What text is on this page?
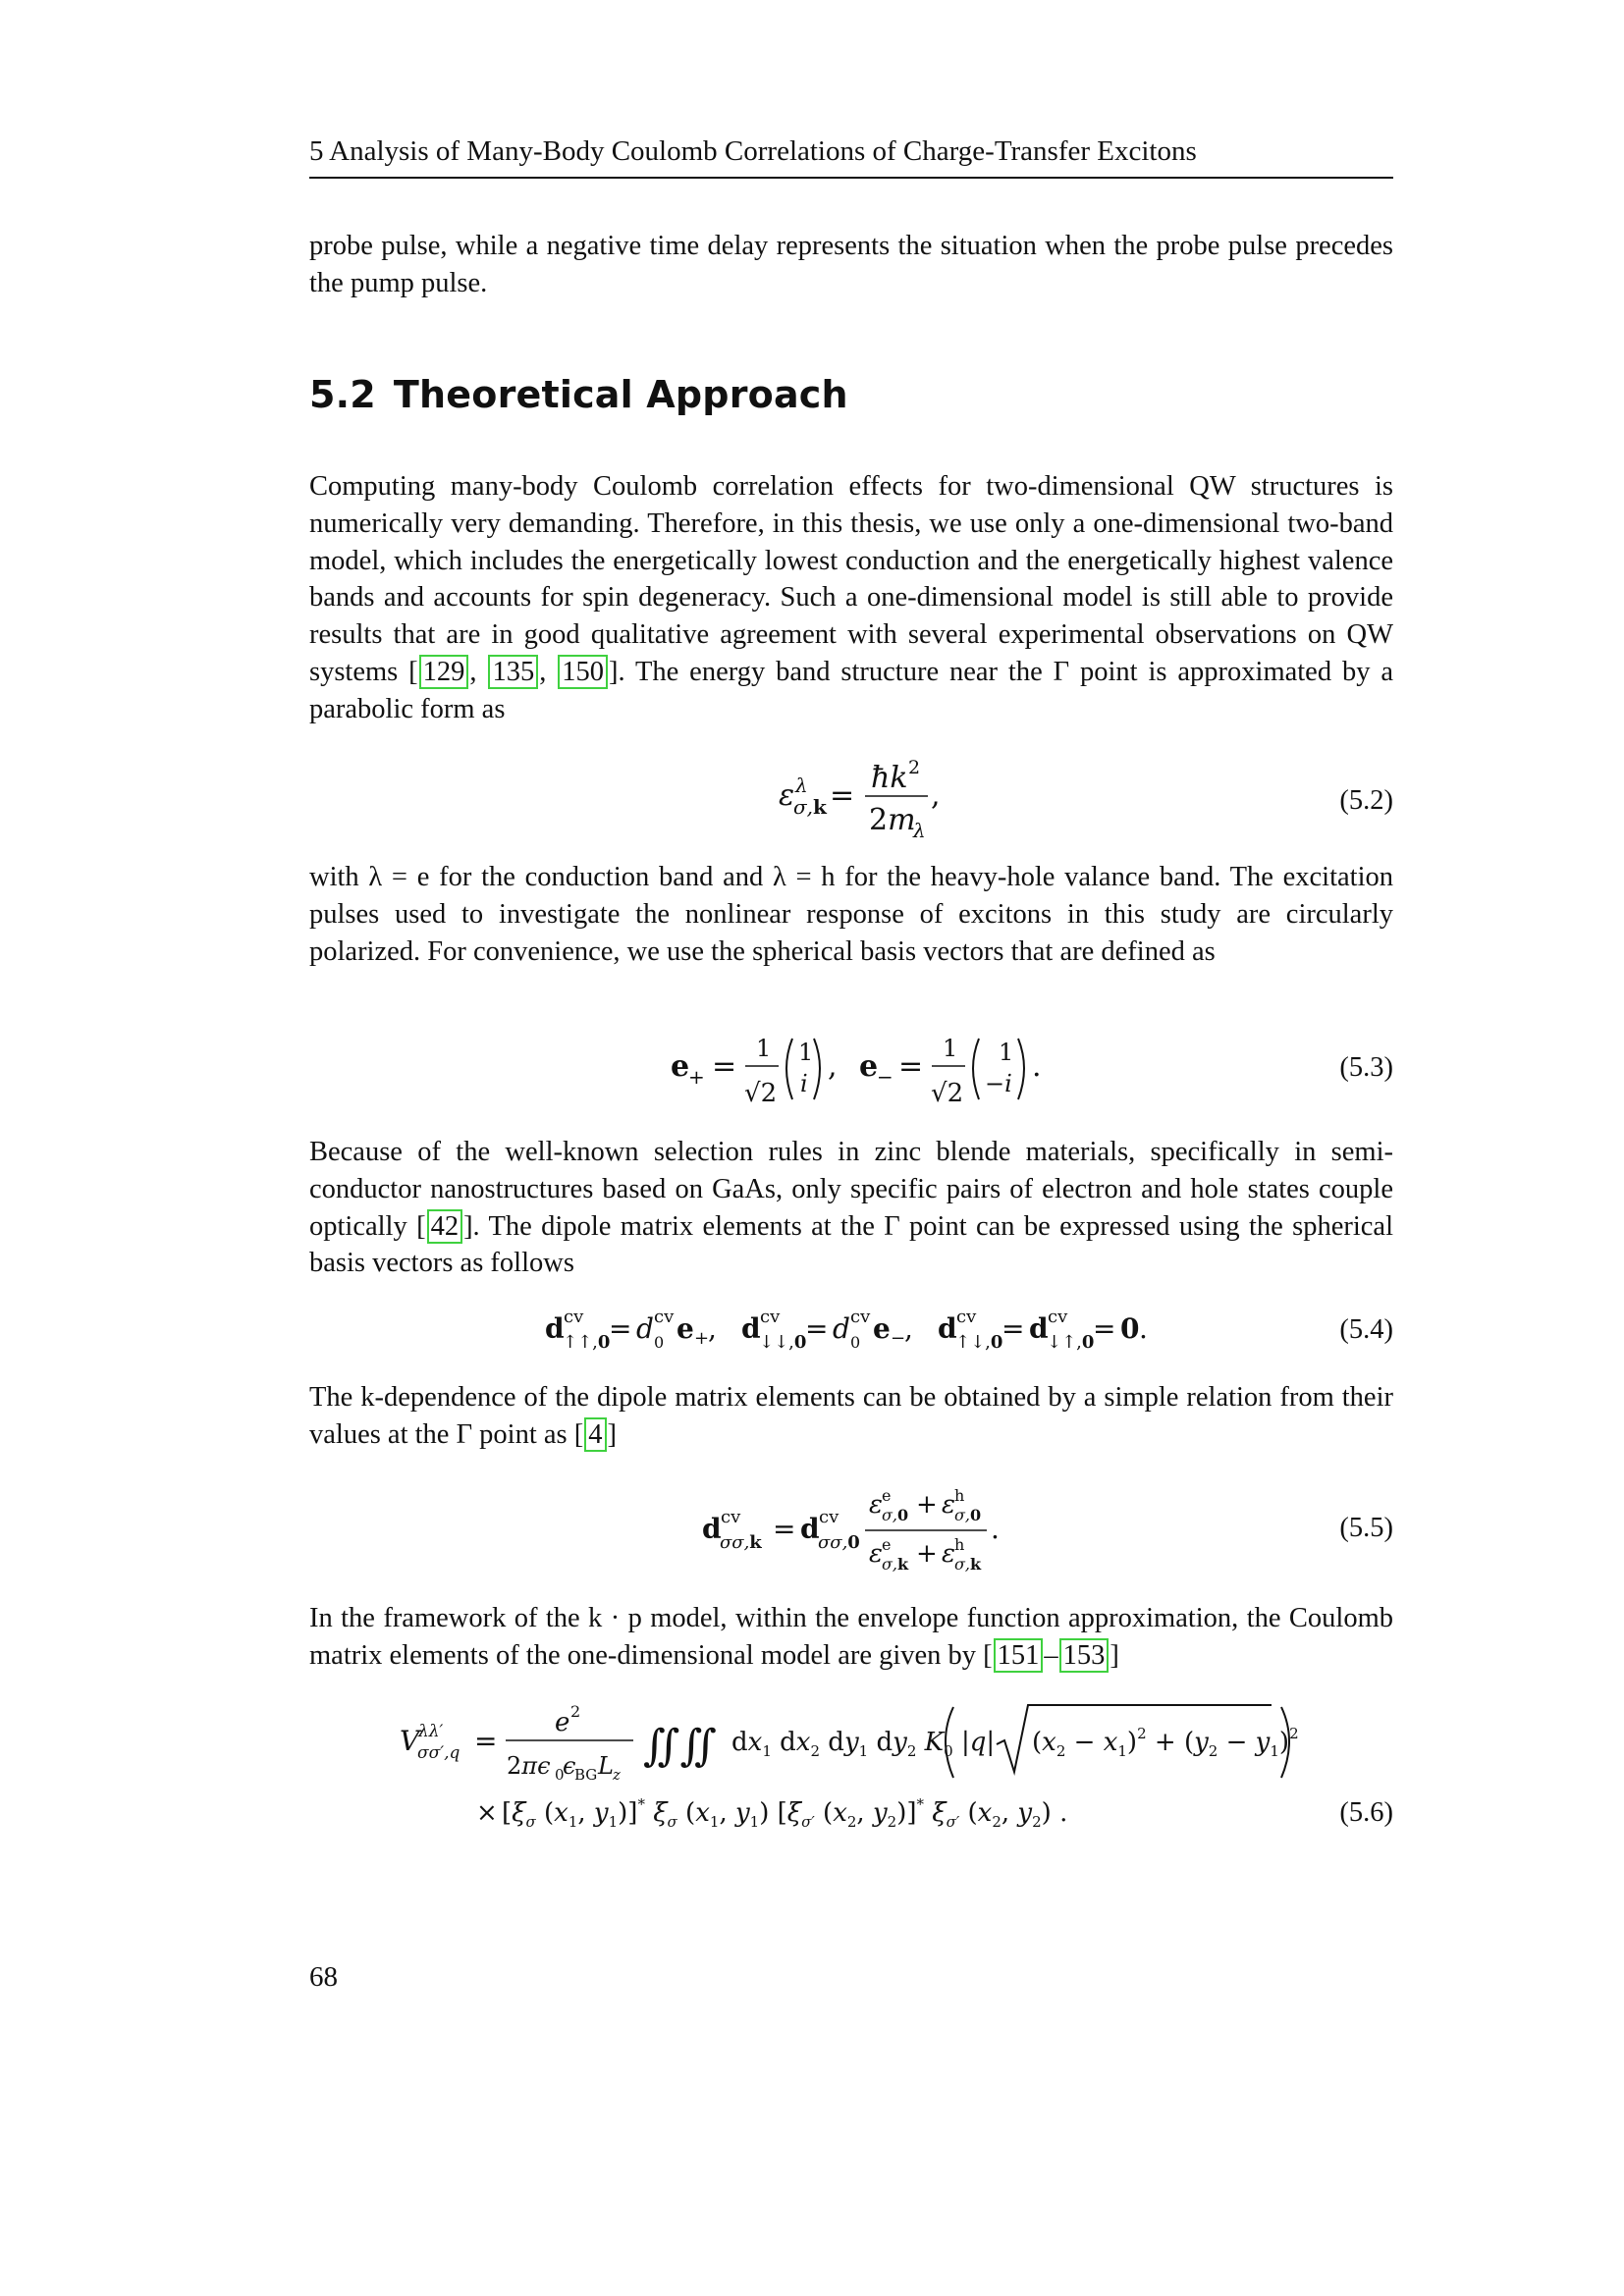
5 Analysis of Many-Body Coulomb Correlations of Charge-Transfer Excitons

probe pulse, while a negative time delay represents the situation when the probe pulse precedes the pump pulse.

5.2 Theoretical Approach

Computing many-body Coulomb correlation effects for two-dimensional QW structures is numerically very demanding. Therefore, in this thesis, we use only a one-dimensional two-band model, which includes the energetically lowest conduction and the energetically highest valence bands and accounts for spin degeneracy. Such a one-dimensional model is still able to provide results that are in good qualitative agreement with several experimental observations on QW systems [ 129 , 135 , 150 ]. The energy band structure near the Γ point is approximated by a parabolic form as

ε λ
σ,k =
ħk 2
2m
λ
,	(5.2)

with λ = e for the conduction band and λ = h for the heavy-hole valance band. The excitation pulses used to investigate the nonlinear response of excitons in this study are circularly polarized. For convenience, we use the spherical basis vectors that are defined as

e
+ =
1
√2
1
i , e
− =
1
√2
1
−i .	(5.3)

Because of the well-known selection rules in zinc blende materials, specifically in semi-conductor nanostructures based on GaAs, only specific pairs of electron and hole states couple optically [ 42 ]. The dipole matrix elements at the Γ point can be expressed using the spherical basis vectors as follows

d cv
↑↑,0
= d cv
0 e +
, d cv
↓↓,0
= d cv
0 e −
, d cv
↑↓,0
= d cv
↓↑,0
= 0 .	(5.4)

The k-dependence of the dipole matrix elements can be obtained by a simple relation from their values at the Γ point as [ 4 ]

d cv
σσ,k = d cv
σσ,0
ε e
σ,0 + ε h
σ,0
ε e
σ,k + ε h
σ,k
.	(5.5)

In the framework of the k · p model, within the envelope function approximation, the Coulomb matrix elements of the one-dimensional model are given by [ 151 – 153 ]

V
λλ′
σσ′,q =
e 2
2πϵ 0
ϵ
BG L z
∬∬ $dx_1$ $dx_2$ $dy_1$ $dy_2$ $K_0$ |q| $(x_2 - x_1)^2 + (y_2 - y_1)^2$
× [$\xi_\sigma$ ($x_1$, $y_1)]^*$ $\xi_\sigma$ ($x_1$, $y_1$) [$\xi_{\sigma'}$ ($x_2$, $y_2)]^*$ $\xi_{\sigma'}$ ($x_2$, $y_2$) .	(5.6)
68
